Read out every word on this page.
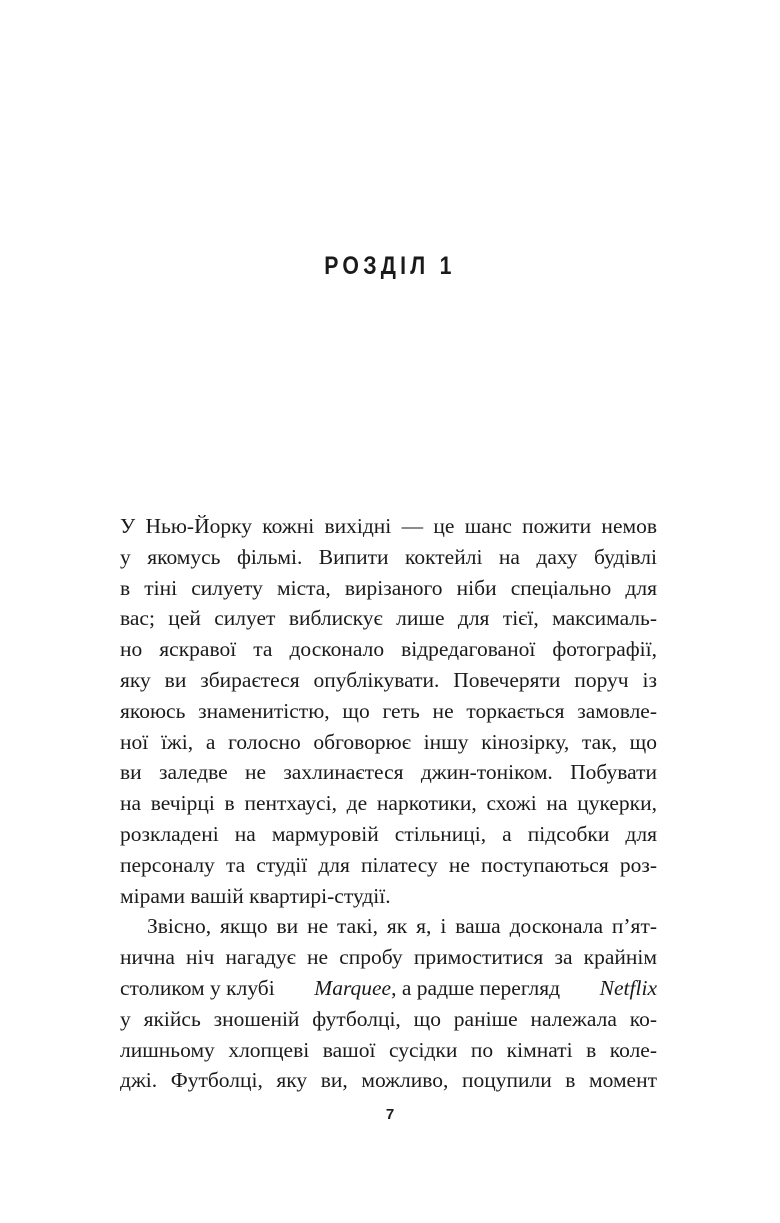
РОЗДІЛ 1
У Нью-Йорку кожні вихідні — це шанс пожити немов
у якомусь фільмі. Випити коктейлі на даху будівлі
в тіні силуету міста, вирізаного ніби спеціально для
вас; цей силует виблискує лише для тієї, максималь-
но яскравої та досконало відредагованої фотографії,
яку ви збираєтеся опублікувати. Повечеряти поруч із
якоюсь знаменитістю, що геть не торкається замовле-
ної їжі, а голосно обговорює іншу кінозірку, так, що
ви заледве не захлинаєтеся джин-тоніком. Побувати
на вечірці в пентхаусі, де наркотики, схожі на цукерки,
розкладені на мармуровій стільниці, а підсобки для
персоналу та студії для пілатесу не поступаються роз-
мірами вашій квартирі-студії.
Звісно, якщо ви не такі, як я, і ваша досконала п’ят-
нична ніч нагадує не спробу примоститися за крайнім
столиком у клубі Marquee, а радше перегляд Netflix
у якійсь зношеній футболці, що раніше належала ко-
лишньому хлопцеві вашої сусідки по кімнаті в коле-
джі. Футболці, яку ви, можливо, поцупили в момент
7
